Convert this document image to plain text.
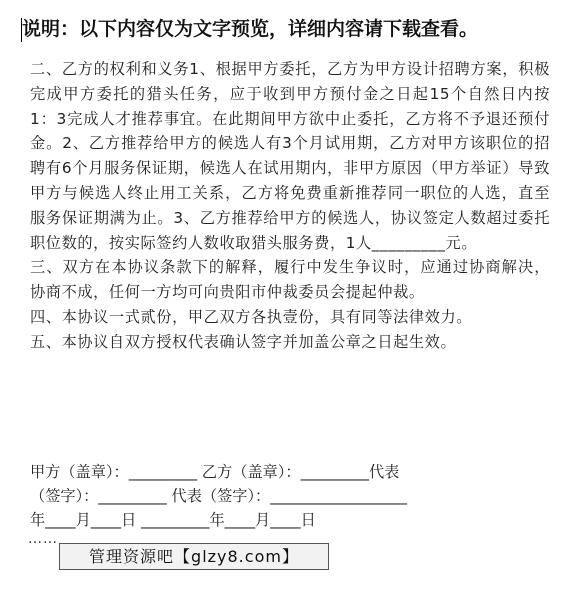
说明：以下内容仅为文字预览，详细内容请下载查看。

二、乙方的权利和义务1、根据甲方委托，乙方为甲方设计招聘方案，积极完成甲方委托的猎头任务，应于收到甲方预付金之日起15个自然日内按1：3完成人才推荐事宜。在此期间甲方欲中止委托，乙方将不予退还预付金。2、乙方推荐给甲方的候选人有3个月试用期，乙方对甲方该职位的招聘有6个月服务保证期，候选人在试用期内，非甲方原因（甲方举证）导致甲方与候选人终止用工关系，乙方将免费重新推荐同一职位的人选，直至服务保证期满为止。3、乙方推荐给甲方的候选人，协议签定人数超过委托职位数的，按实际签约人数收取猎头服务费，1人_________元。

三、双方在本协议条款下的解释，履行中发生争议时，应通过协商解决，协商不成，任何一方均可向贵阳市仲裁委员会提起仲裁。

四、本协议一式贰份，甲乙双方各执壹份，具有同等法律效力。

五、本协议自双方授权代表确认签字并加盖公章之日起生效。

甲方（盖章）：_________ 乙方（盖章）：_________代表
（签字）：_________ 代表（签字）：__________________
年____月____日 _________年____月____日
……
管理资源吧【glzy8.com】
